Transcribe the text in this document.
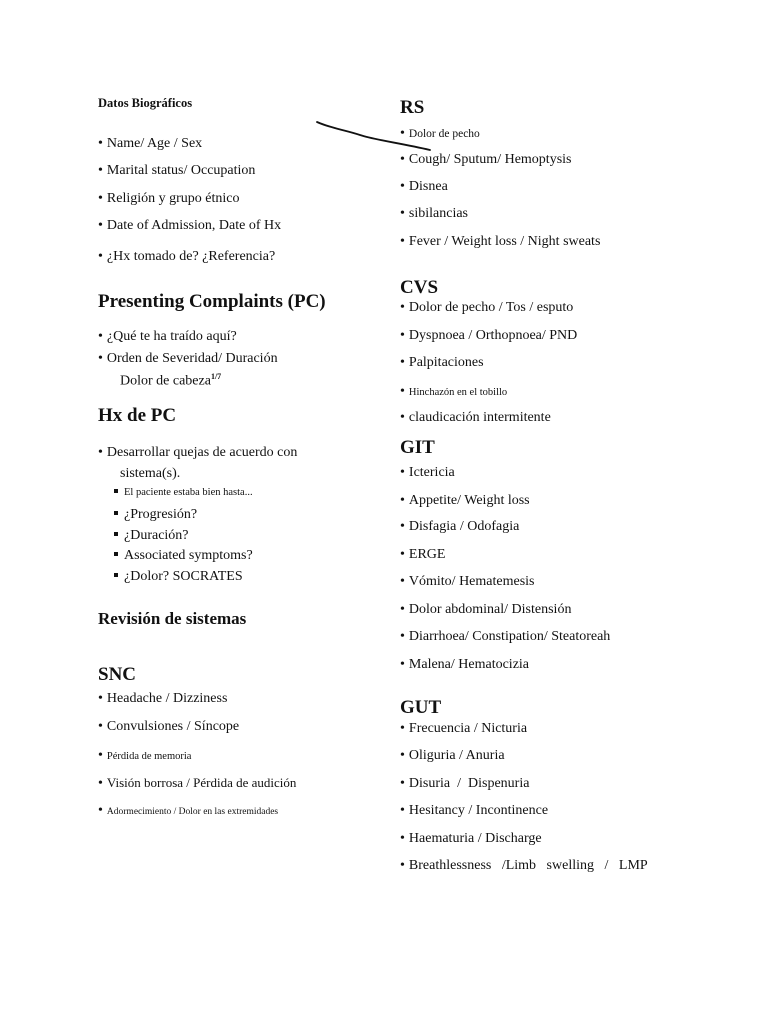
Datos Biográficos
• Name/ Age / Sex
• Marital status/ Occupation
• Religión y grupo étnico
• Date of Admission, Date of Hx
• ¿Hx tomado de? ¿Referencia?
Presenting Complaints (PC)
• ¿Qué te ha traído aquí?
• Orden de Severidad/ Duración
Dolor de cabeza$^{1/7}$
Hx de PC
• Desarrollar quejas de acuerdo con
sistema(s).
El paciente estaba bien hasta...
¿Progresión?
¿Duración?
Associated symptoms?
¿Dolor? SOCRATES
Revisión de sistemas
SNC
• Headache / Dizziness
• Convulsiones / Síncope
• Pérdida de memoria
• Visión borrosa / Pérdida de audición
• Adormecimiento / Dolor en las extremidades
RS
• Dolor de pecho
• Cough/ Sputum/ Hemoptysis
• Disnea
• sibilancias
• Fever / Weight loss / Night sweats
CVS
• Dolor de pecho / Tos / esputo
• Dyspnoea / Orthopnoea/ PND
• Palpitaciones
• Hinchazón en el tobillo
• claudicación intermitente
GIT
• Ictericia
• Appetite/ Weight loss
• Disfagia / Odofagia
• ERGE
• Vómito/ Hematemesis
• Dolor abdominal/ Distensión
• Diarrhoea/ Constipation/ Steatoreah
• Malena/ Hematocizia
GUT
• Frecuencia / Nicturia
• Oliguria / Anuria
• Disuria  /  Dispenuria
• Hesitancy / Incontinence
• Haematuria / Discharge
• Breathlessness   /Limb   swelling   /   LMP
